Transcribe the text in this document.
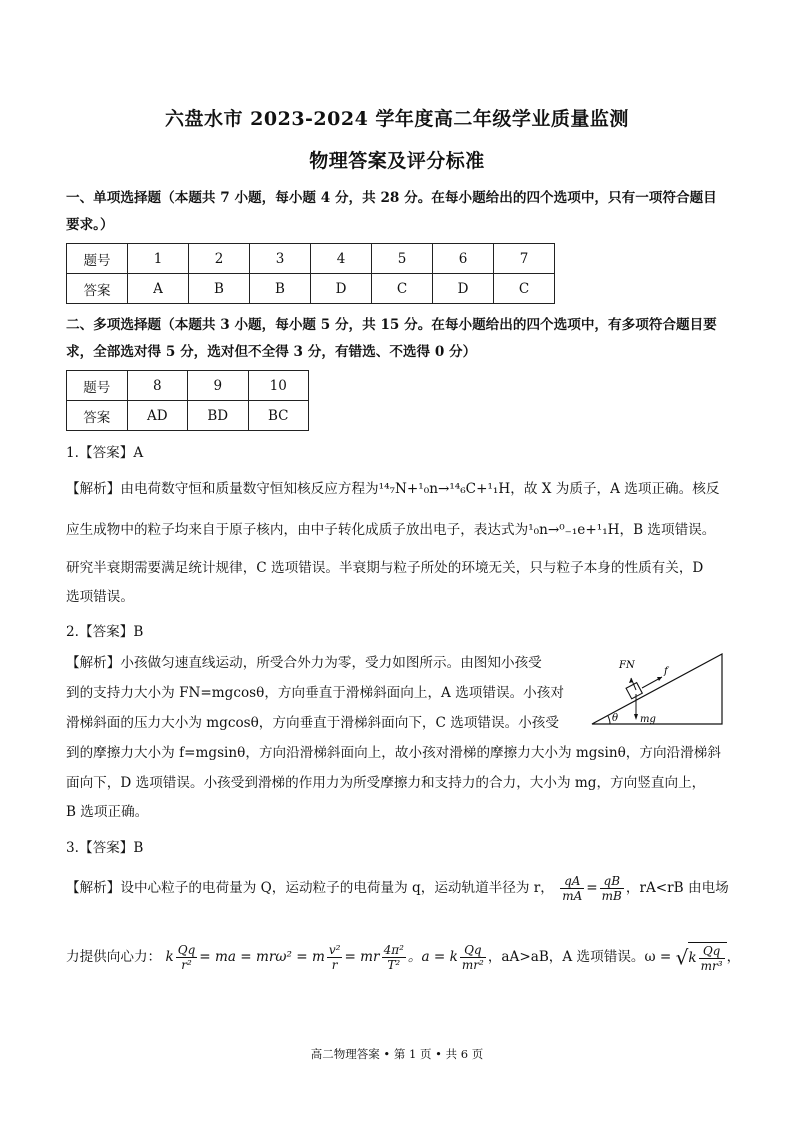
六盘水市 2023-2024 学年度高二年级学业质量监测
物理答案及评分标准
一、单项选择题（本题共 7 小题，每小题 4 分，共 28 分。在每小题给出的四个选项中，只有一项符合题目
要求。）
题号	1	2	3	4	5	6	7
答案	A	B	B	D	C	D	C
二、多项选择题（本题共 3 小题，每小题 5 分，共 15 分。在每小题给出的四个选项中，有多项符合题目要
求，全部选对得 5 分，选对但不全得 3 分，有错选、不选得 0 分）
题号	8	9	10
答案	AD	BD	BC
1.【答案】A
【解析】由电荷数守恒和质量数守恒知核反应方程为¹⁴₇N+¹₀n→¹⁴₆C+¹₁H，故 X 为质子，A 选项正确。核反
应生成物中的粒子均来自于原子核内，由中子转化成质子放出电子，表达式为¹₀n→⁰₋₁e+¹₁H，B 选项错误。
研究半衰期需要满足统计规律，C 选项错误。半衰期与粒子所处的环境无关，只与粒子本身的性质有关，D
选项错误。
2.【答案】B
【解析】小孩做匀速直线运动，所受合外力为零，受力如图所示。由图知小孩受
到的支持力大小为 FN=mgcosθ，方向垂直于滑梯斜面向上，A 选项错误。小孩对
滑梯斜面的压力大小为 mgcosθ，方向垂直于滑梯斜面向下，C 选项错误。小孩受
到的摩擦力大小为 f=mgsinθ，方向沿滑梯斜面向上，故小孩对滑梯的摩擦力大小为 mgsinθ，方向沿滑梯斜
面向下，D 选项错误。小孩受到滑梯的作用力为所受摩擦力和支持力的合力，大小为 mg，方向竖直向上，
B 选项正确。
θ
FN
f
mg
3.【答案】B
【解析】设中心粒子的电荷量为 Q，运动粒子的电荷量为 q，运动轨道半径为 r， $\frac{qA}{mA} = \frac{qB}{mB}$ ，rA<rB 由电场
力提供向心力： k $\frac{Qq}{\text{r²}}$ = ma = mrω² = m $\frac{\text{v²}}{r}$ = mr $\frac{\text{4π²}}{\text{T²}}$ 。a = k $\frac{Qq}{\text{mr²}}$ ，aA>aB，A 选项错误。$\omega = √k \frac{Qq}{\text{mr³}}$ ，
高二物理答案 • 第 1 页 • 共 6 页
